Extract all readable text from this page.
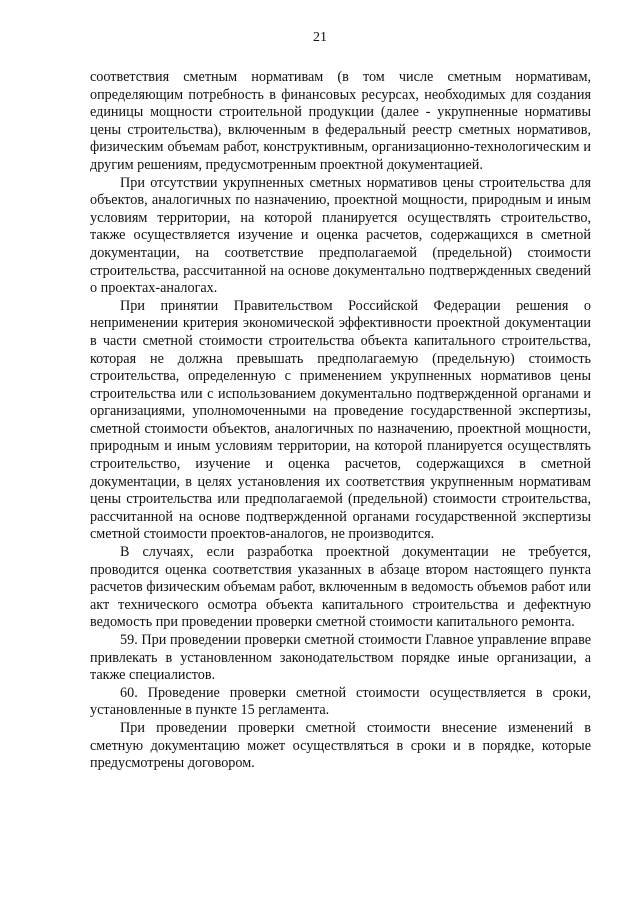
21

соответствия сметным нормативам (в том числе сметным нормативам, определяющим потребность в финансовых ресурсах, необходимых для создания единицы мощности строительной продукции (далее - укрупненные нормативы цены строительства), включенным в федеральный реестр сметных нормативов, физическим объемам работ, конструктивным, организационно-технологическим и другим решениям, предусмотренным проектной документацией.

При отсутствии укрупненных сметных нормативов цены строительства для объектов, аналогичных по назначению, проектной мощности, природным и иным условиям территории, на которой планируется осуществлять строительство, также осуществляется изучение и оценка расчетов, содержащихся в сметной документации, на соответствие предполагаемой (предельной) стоимости строительства, рассчитанной на основе документально подтвержденных сведений о проектах-аналогах.

При принятии Правительством Российской Федерации решения о неприменении критерия экономической эффективности проектной документации в части сметной стоимости строительства объекта капитального строительства, которая не должна превышать предполагаемую (предельную) стоимость строительства, определенную с применением укрупненных нормативов цены строительства или с использованием документально подтвержденной органами и организациями, уполномоченными на проведение государственной экспертизы, сметной стоимости объектов, аналогичных по назначению, проектной мощности, природным и иным условиям территории, на которой планируется осуществлять строительство, изучение и оценка расчетов, содержащихся в сметной документации, в целях установления их соответствия укрупненным нормативам цены строительства или предполагаемой (предельной) стоимости строительства, рассчитанной на основе подтвержденной органами государственной экспертизы сметной стоимости проектов-аналогов, не производится.

В случаях, если разработка проектной документации не требуется, проводится оценка соответствия указанных в абзаце втором настоящего пункта расчетов физическим объемам работ, включенным в ведомость объемов работ или акт технического осмотра объекта капитального строительства и дефектную ведомость при проведении проверки сметной стоимости капитального ремонта.

59. При проведении проверки сметной стоимости Главное управление вправе привлекать в установленном законодательством порядке иные организации, а также специалистов.

60. Проведение проверки сметной стоимости осуществляется в сроки, установленные в пункте 15 регламента.

При проведении проверки сметной стоимости внесение изменений в сметную документацию может осуществляться в сроки и в порядке, которые предусмотрены договором.
